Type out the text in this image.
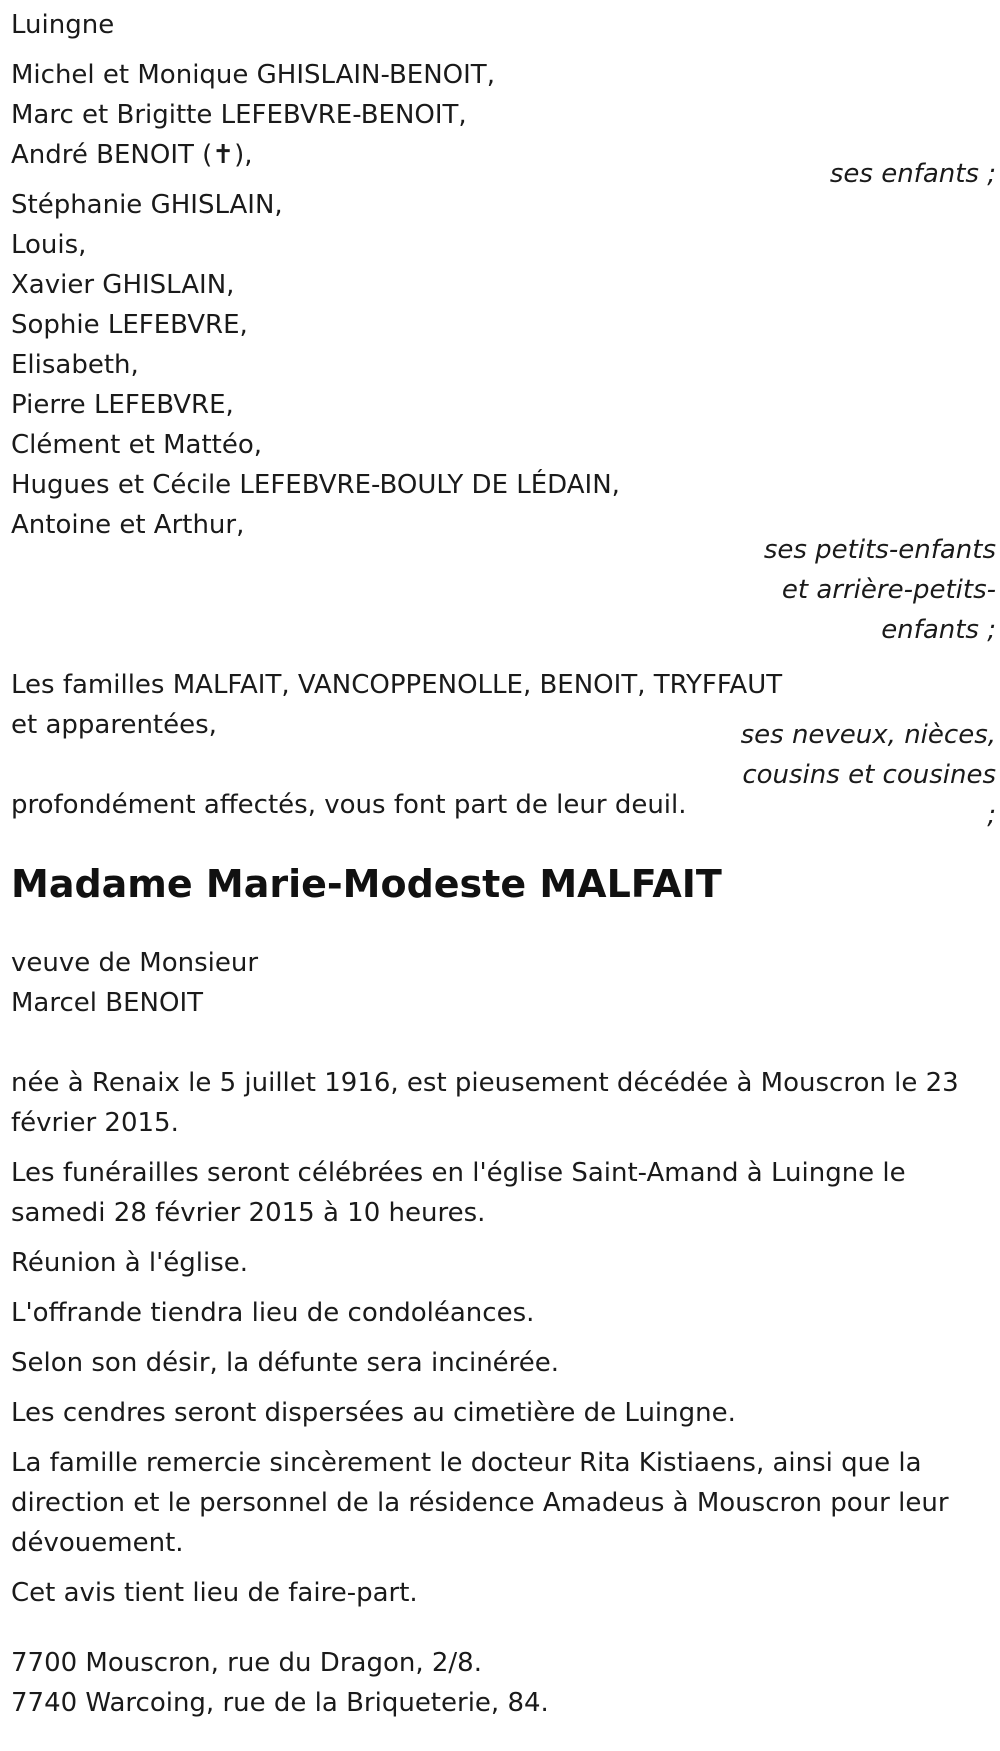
Luingne
Michel et Monique GHISLAIN-BENOIT,
Marc et Brigitte LEFEBVRE-BENOIT,
André BENOIT (✝),
ses enfants ;
Stéphanie GHISLAIN,
Louis,
Xavier GHISLAIN,
Sophie LEFEBVRE,
Elisabeth,
Pierre LEFEBVRE,
Clément et Mattéo,
Hugues et Cécile LEFEBVRE-BOULY DE LÉDAIN,
Antoine et Arthur,
ses petits-enfants
et arrière-petits-
enfants ;
Les familles MALFAIT, VANCOPPENOLLE, BENOIT, TRYFFAUT
et apparentées,
profondément affectés, vous font part de leur deuil.
ses neveux, nièces,
cousins et cousines
;
Madame Marie-Modeste MALFAIT
veuve de Monsieur
Marcel BENOIT
née à Renaix le 5 juillet 1916, est pieusement décédée à Mouscron le 23 février 2015.
Les funérailles seront célébrées en l'église Saint-Amand à Luingne le samedi 28 février 2015 à 10 heures.
Réunion à l'église.
L'offrande tiendra lieu de condoléances.
Selon son désir, la défunte sera incinérée.
Les cendres seront dispersées au cimetière de Luingne.
La famille remercie sincèrement le docteur Rita Kistiaens, ainsi que la direction et le personnel de la résidence Amadeus à Mouscron pour leur dévouement.
Cet avis tient lieu de faire-part.
7700 Mouscron, rue du Dragon, 2/8.
7740 Warcoing, rue de la Briqueterie, 84.
